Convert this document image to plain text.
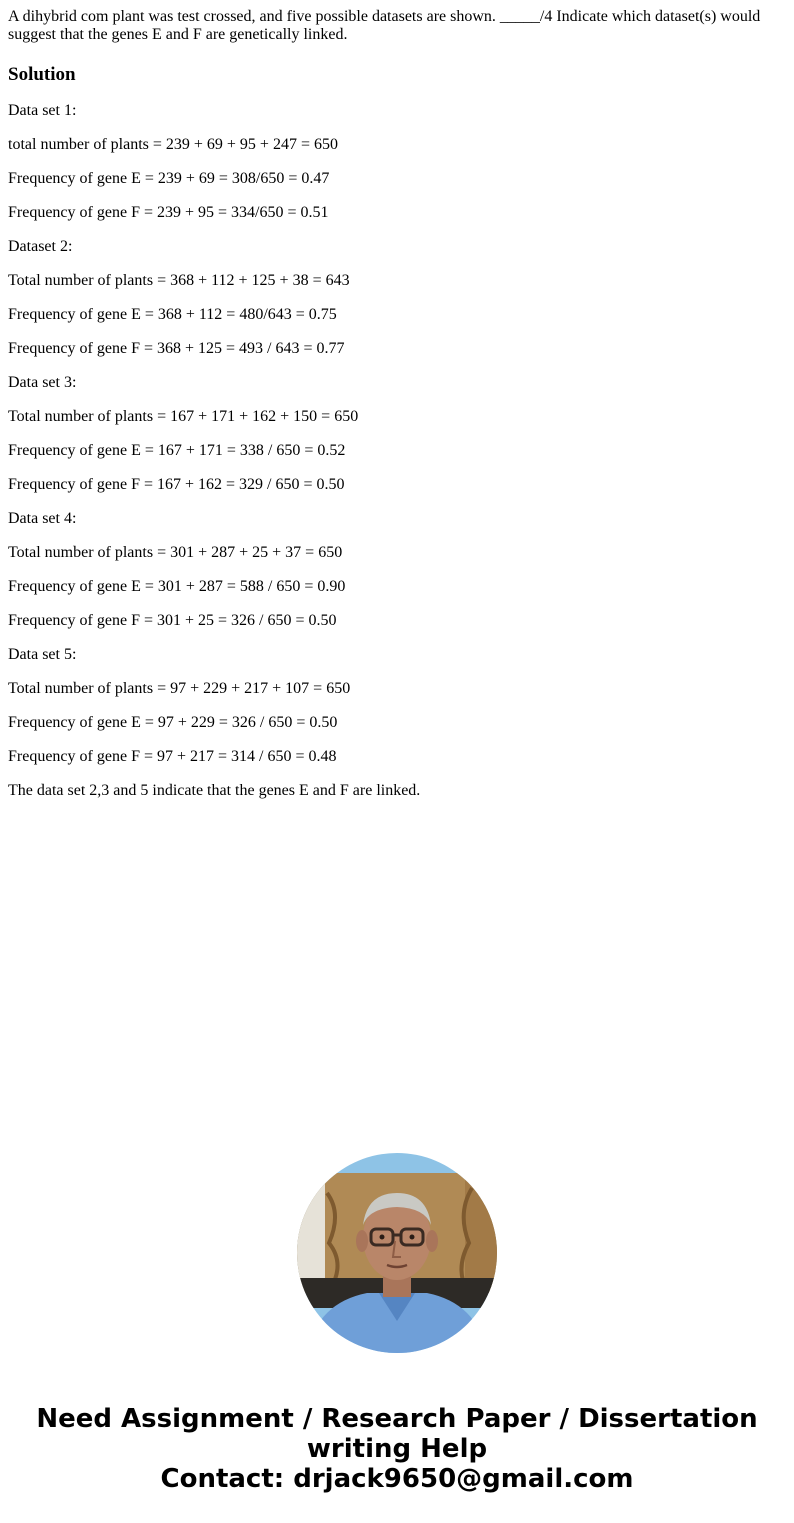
A dihybrid com plant was test crossed, and five possible datasets are shown. _____/4 Indicate which dataset(s) would suggest that the genes E and F are genetically linked.

Solution

Data set 1:

total number of plants = 239 + 69 + 95 + 247 = 650

Frequency of gene E = 239 + 69 = 308/650 = 0.47

Frequency of gene F = 239 + 95 = 334/650 = 0.51

Dataset 2:

Total number of plants = 368 + 112 + 125 + 38 = 643

Frequency of gene E = 368 + 112 = 480/643 = 0.75

Frequency of gene F = 368 + 125 = 493 / 643 = 0.77

Data set 3:

Total number of plants = 167 + 171 + 162 + 150 = 650

Frequency of gene E = 167 + 171 = 338 / 650 = 0.52

Frequency of gene F = 167 + 162 = 329 / 650 = 0.50

Data set 4:

Total number of plants = 301 + 287 + 25 + 37 = 650

Frequency of gene E = 301 + 287 = 588 / 650 = 0.90

Frequency of gene F = 301 + 25 = 326 / 650 = 0.50

Data set 5:

Total number of plants = 97 + 229 + 217 + 107 = 650

Frequency of gene E = 97 + 229 = 326 / 650 = 0.50

Frequency of gene F = 97 + 217 = 314 / 650 = 0.48

The data set 2,3 and 5 indicate that the genes E and F are linked.

Need Assignment / Research Paper / Dissertation
writing Help
Contact: drjack9650@gmail.com
